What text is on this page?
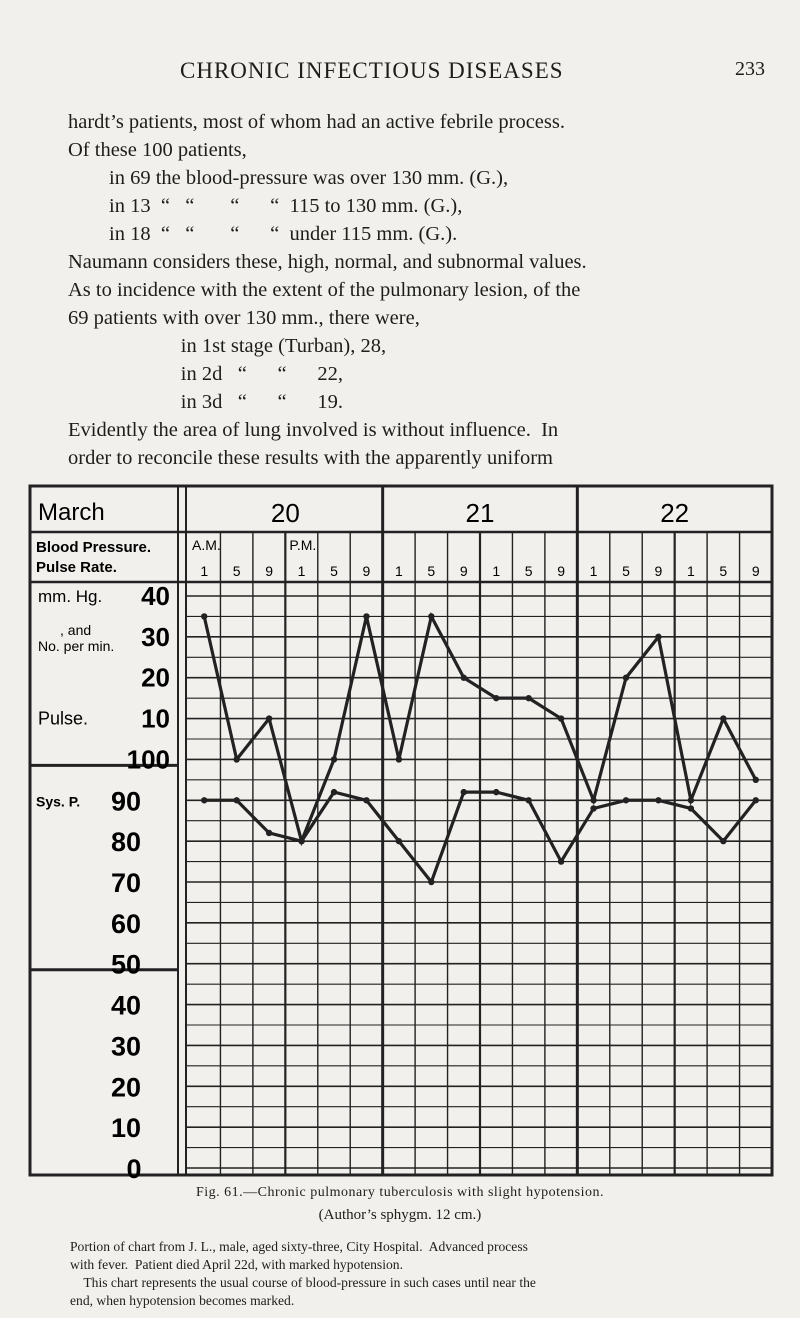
CHRONIC INFECTIOUS DISEASES	233
hardt’s patients, most of whom had an active febrile process.
Of these 100 patients,
in 69 the blood-pressure was over 130 mm. (G.),
in 13  “   “       “      “  115 to 130 mm. (G.),
in 18  “   “       “      “  under 115 mm. (G.).
Naumann considers these, high, normal, and subnormal values.
As to incidence with the extent of the pulmonary lesion, of the
69 patients with over 130 mm., there were,
in 1st stage (Turban), 28,
in 2d   “      “      22,
in 3d   “      “      19.
Evidently the area of lung involved is without influence.  In
order to reconcile these results with the apparently uniform
March	20	21	22
Blood Pressure.
Pulse Rate.
A.M.	P.M.
1 5 9 1 5 9 1 5 9 1 5 9 1 5 9 1 5 9
mm. Hg.
, and
No. per min.
Pulse.
Sys. P.
40
30
20
10
100
90
80
70
60
50
40
30
20
10
0
Fig. 61.—Chronic pulmonary tuberculosis with slight hypotension.
(Author’s sphygm. 12 cm.)
Portion of chart from J. L., male, aged sixty-three, City Hospital.  Advanced process
with fever.  Patient died April 22d, with marked hypotension.
This chart represents the usual course of blood-pressure in such cases until near the
end, when hypotension becomes marked.
